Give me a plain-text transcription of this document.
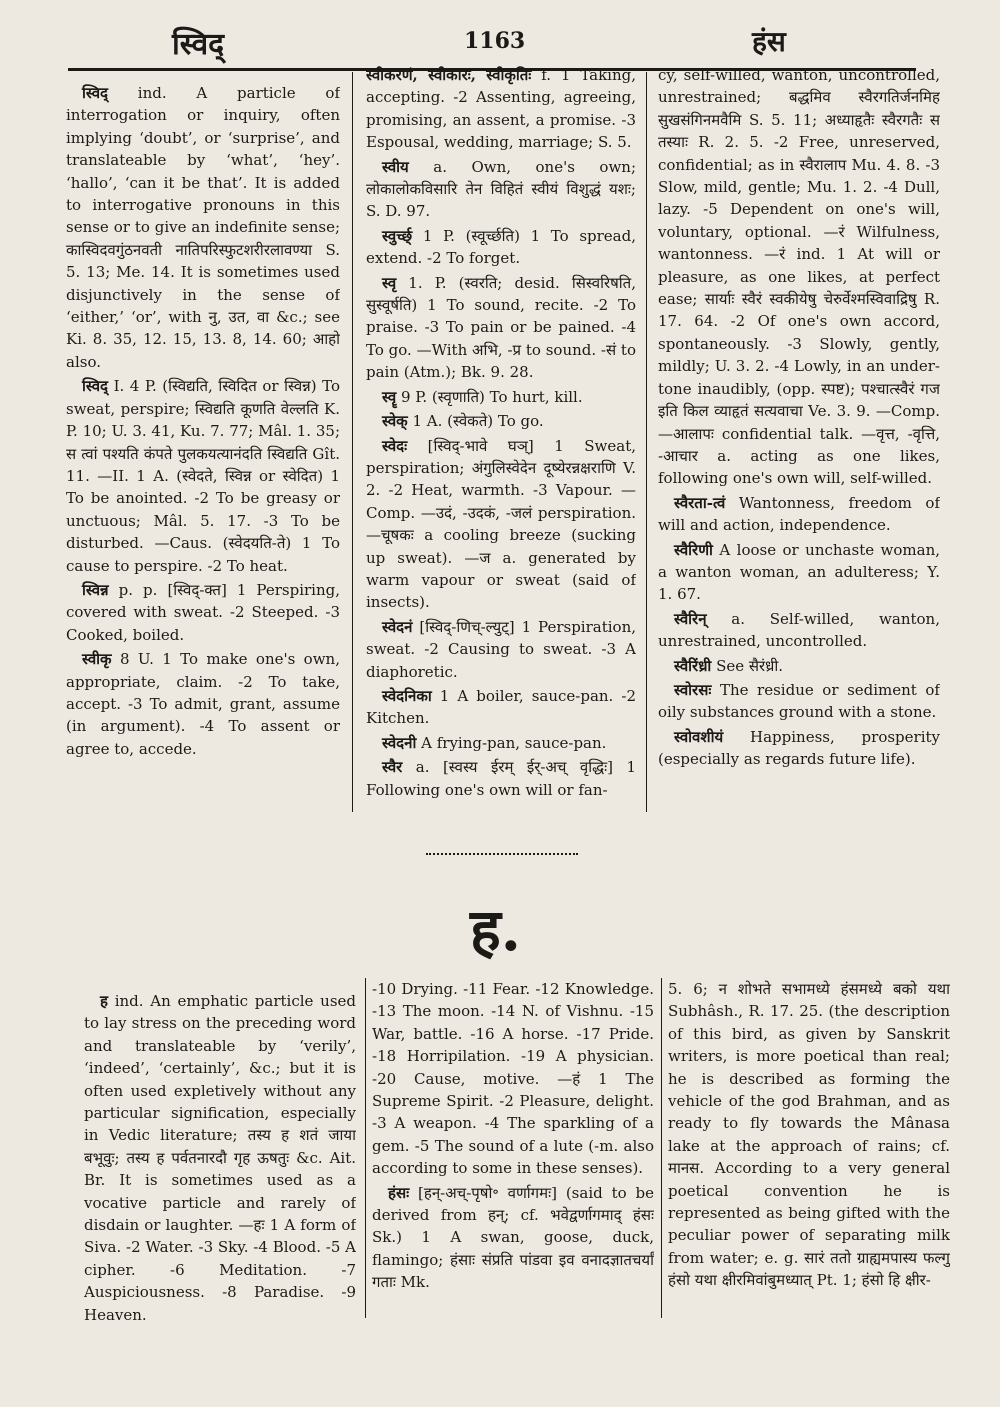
स्विद्	1163	हंस

स्विद् ind. A particle of interrogation or inquiry, often implying ‘doubt’, or ‘surprise’, and translateable by ‘what’, ‘hey’. ‘hallo’, ‘can it be that’. It is added to interrogative pronouns in this sense or to give an indefinite sense; कास्विदवगुंठनवती नातिपरिस्फुटशरीरलावण्या S. 5. 13; Me. 14. It is sometimes used disjunctively in the sense of ‘either,’ ‘or’, with नु, उत, वा &c.; see Ki. 8. 35, 12. 15, 13. 8, 14. 60; आहो also.

स्विद् I. 4 P. (स्विद्यति, स्विदित or स्विन्न) To sweat, perspire; स्विद्यति कूणति वेल्लति K. P. 10; U. 3. 41, Ku. 7. 77; Mâl. 1. 35; स त्वां पश्यति कंपते पुलकयत्यानंदति स्विद्यति Gît. 11. —II. 1 A. (स्वेदते, स्विन्न or स्वेदित) 1 To be anointed. -2 To be greasy or unctuous; Mâl. 5. 17. -3 To be disturbed. —Caus. (स्वेदयति-ते) 1 To cause to perspire. -2 To heat.

स्विन्न p. p. [स्विद्-क्त] 1 Perspiring, covered with sweat. -2 Steeped. -3 Cooked, boiled.

स्वीकृ 8 U. 1 To make one's own, appropriate, claim. -2 To take, accept. -3 To admit, grant, assume (in argument). -4 To assent or agree to, accede.

स्वीकरणं, स्वीकारः, स्वीकृतिः f. 1 Taking, accepting. -2 Assenting, agreeing, promising, an assent, a promise. -3 Espousal, wedding, marriage; S. 5.

स्वीय a. Own, one's own; लोकालोकविसारि तेन विहितं स्वीयं विशुद्धं यशः; S. D. 97.

स्वुर्च्छ् 1 P. (स्वूर्च्छति) 1 To spread, extend. -2 To forget.

स्वृ 1. P. (स्वरति; desid. सिस्वरिषति, सुस्वूर्षति) 1 To sound, recite. -2 To praise. -3 To pain or be pained. -4 To go. —With अभि, -प्र to sound. -सं to pain (Atm.); Bk. 9. 28.

स्वॄ 9 P. (स्वृणाति) To hurt, kill.

स्वेक् 1 A. (स्वेकते) To go.

स्वेदः [स्विद्-भावे घञ्] 1 Sweat, perspiration; अंगुलिस्वेदेन दूष्येरन्नक्षराणि V. 2. -2 Heat, warmth. -3 Vapour. —Comp. —उदं, -उदकं, -जलं perspiration. —चूषकः a cooling breeze (sucking up sweat). —ज a. generated by warm vapour or sweat (said of insects).

स्वेदनं [स्विद्-णिच्-ल्युट्] 1 Perspiration, sweat. -2 Causing to sweat. -3 A diaphoretic.

स्वेदनिका 1 A boiler, sauce-pan. -2 Kitchen.

स्वेदनी A frying-pan, sauce-pan.

स्वैर a. [स्वस्य ईरम् ईर्-अच् वृद्धिः] 1 Following one's own will or fan-

cy, self-willed, wanton, uncontrolled, unrestrained; बद्धमिव स्वैरगतिर्जनमिह सुखसंगिनमवैमि S. 5. 11; अध्याहृतैः स्वैरगतैः स तस्याः R. 2. 5. -2 Free, unreserved, confidential; as in स्वैरालाप Mu. 4. 8. -3 Slow, mild, gentle; Mu. 1. 2. -4 Dull, lazy. -5 Dependent on one's will, voluntary, optional. —रं Wilfulness, wantonness. —रं ind. 1 At will or pleasure, as one likes, at perfect ease; सार्याः स्वैरं स्वकीयेषु चेरुर्वेश्मस्विवाद्रिषु R. 17. 64. -2 Of one's own accord, spontaneously. -3 Slowly, gently, mildly; U. 3. 2. -4 Lowly, in an under-tone inaudibly, (opp. स्पष्ट); पश्चात्स्वैरं गज इति किल व्याहृतं सत्यवाचा Ve. 3. 9. —Comp. —आलापः confidential talk. —वृत्त, -वृत्ति, -आचार a. acting as one likes, following one's own will, self-willed.

स्वैरता-त्वं Wantonness, freedom of will and action, independence.

स्वैरिणी A loose or unchaste woman, a wanton woman, an adulteress; Y. 1. 67.

स्वैरिन् a. Self-willed, wanton, unrestrained, uncontrolled.

स्वैरिंध्री See सैरंध्री.

स्वोरसः The residue or sediment of oily substances ground with a stone.

स्वोवशीयं Happiness, prosperity (especially as regards future life).

ह.

ह ind. An emphatic particle used to lay stress on the preceding word and translateable by ‘verily’, ‘indeed’, ‘certainly’, &c.; but it is often used expletively without any particular signification, especially in Vedic literature; तस्य ह शतं जाया बभूवुः; तस्य ह पर्वतनारदौ गृह ऊषतुः &c. Ait. Br. It is sometimes used as a vocative particle and rarely of disdain or laughter. —हः 1 A form of Siva. -2 Water. -3 Sky. -4 Blood. -5 A cipher. -6 Meditation. -7 Auspiciousness. -8 Paradise. -9 Heaven.

-10 Drying. -11 Fear. -12 Knowledge. -13 The moon. -14 N. of Vishnu. -15 War, battle. -16 A horse. -17 Pride. -18 Horripilation. -19 A physician. -20 Cause, motive. —हं 1 The Supreme Spirit. -2 Pleasure, delight. -3 A weapon. -4 The sparkling of a gem. -5 The sound of a lute (-m. also according to some in these senses).

हंसः [हन्-अच्-पृषो॰ वर्णागमः] (said to be derived from हन्; cf. भवेद्वर्णागमाद् हंसः Sk.) 1 A swan, goose, duck, flamingo; हंसाः संप्रति पांडवा इव वनादज्ञातचर्यां गताः Mk.

5. 6; न शोभते सभामध्ये हंसमध्ये बको यथा Subhâsh., R. 17. 25. (the description of this bird, as given by Sanskrit writers, is more poetical than real; he is described as forming the vehicle of the god Brahman, and as ready to fly towards the Mânasa lake at the approach of rains; cf. मानस. According to a very general poetical convention he is represented as being gifted with the peculiar power of separating milk from water; e. g. सारं ततो ग्राह्यमपास्य फल्गु हंसो यथा क्षीरमिवांबुमध्यात् Pt. 1; हंसो हि क्षीर-
